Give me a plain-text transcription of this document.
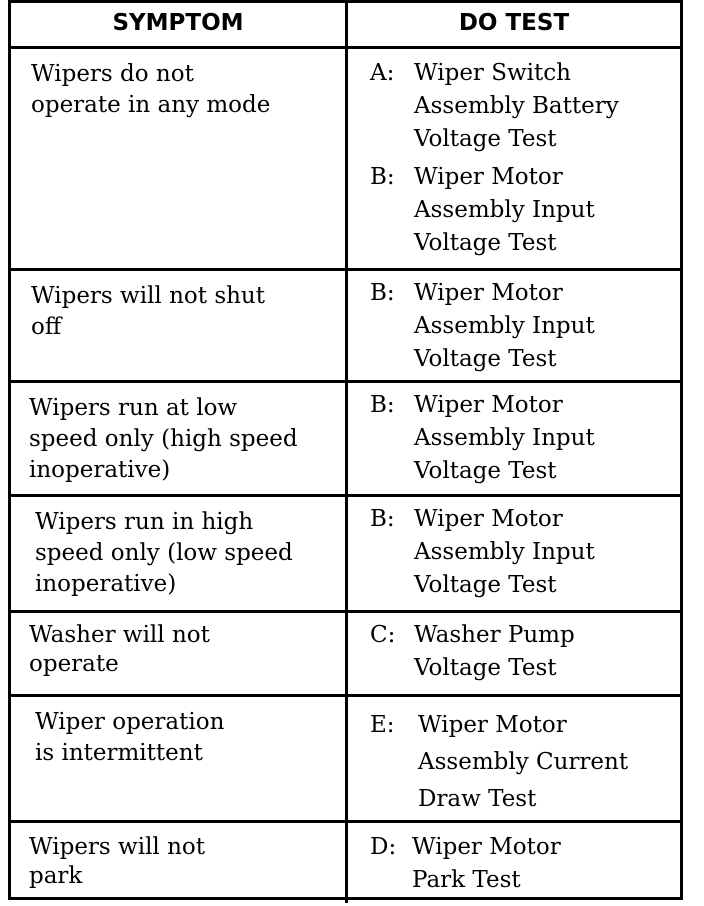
SYMPTOM	DO TEST
Wipers do not
operate in any mode
A: Wiper Switch
Assembly Battery
Voltage Test
B: Wiper Motor
Assembly Input
Voltage Test
Wipers will not shut
off
B: Wiper Motor
Assembly Input
Voltage Test
Wipers run at low
speed only (high speed
inoperative)
B: Wiper Motor
Assembly Input
Voltage Test
Wipers run in high
speed only (low speed
inoperative)
B: Wiper Motor
Assembly Input
Voltage Test
Washer will not
operate
C: Washer Pump
Voltage Test
Wiper operation
is intermittent
E:	Wiper Motor
Assembly Current
Draw Test
Wipers will not
park
D: Wiper Motor
Park Test
